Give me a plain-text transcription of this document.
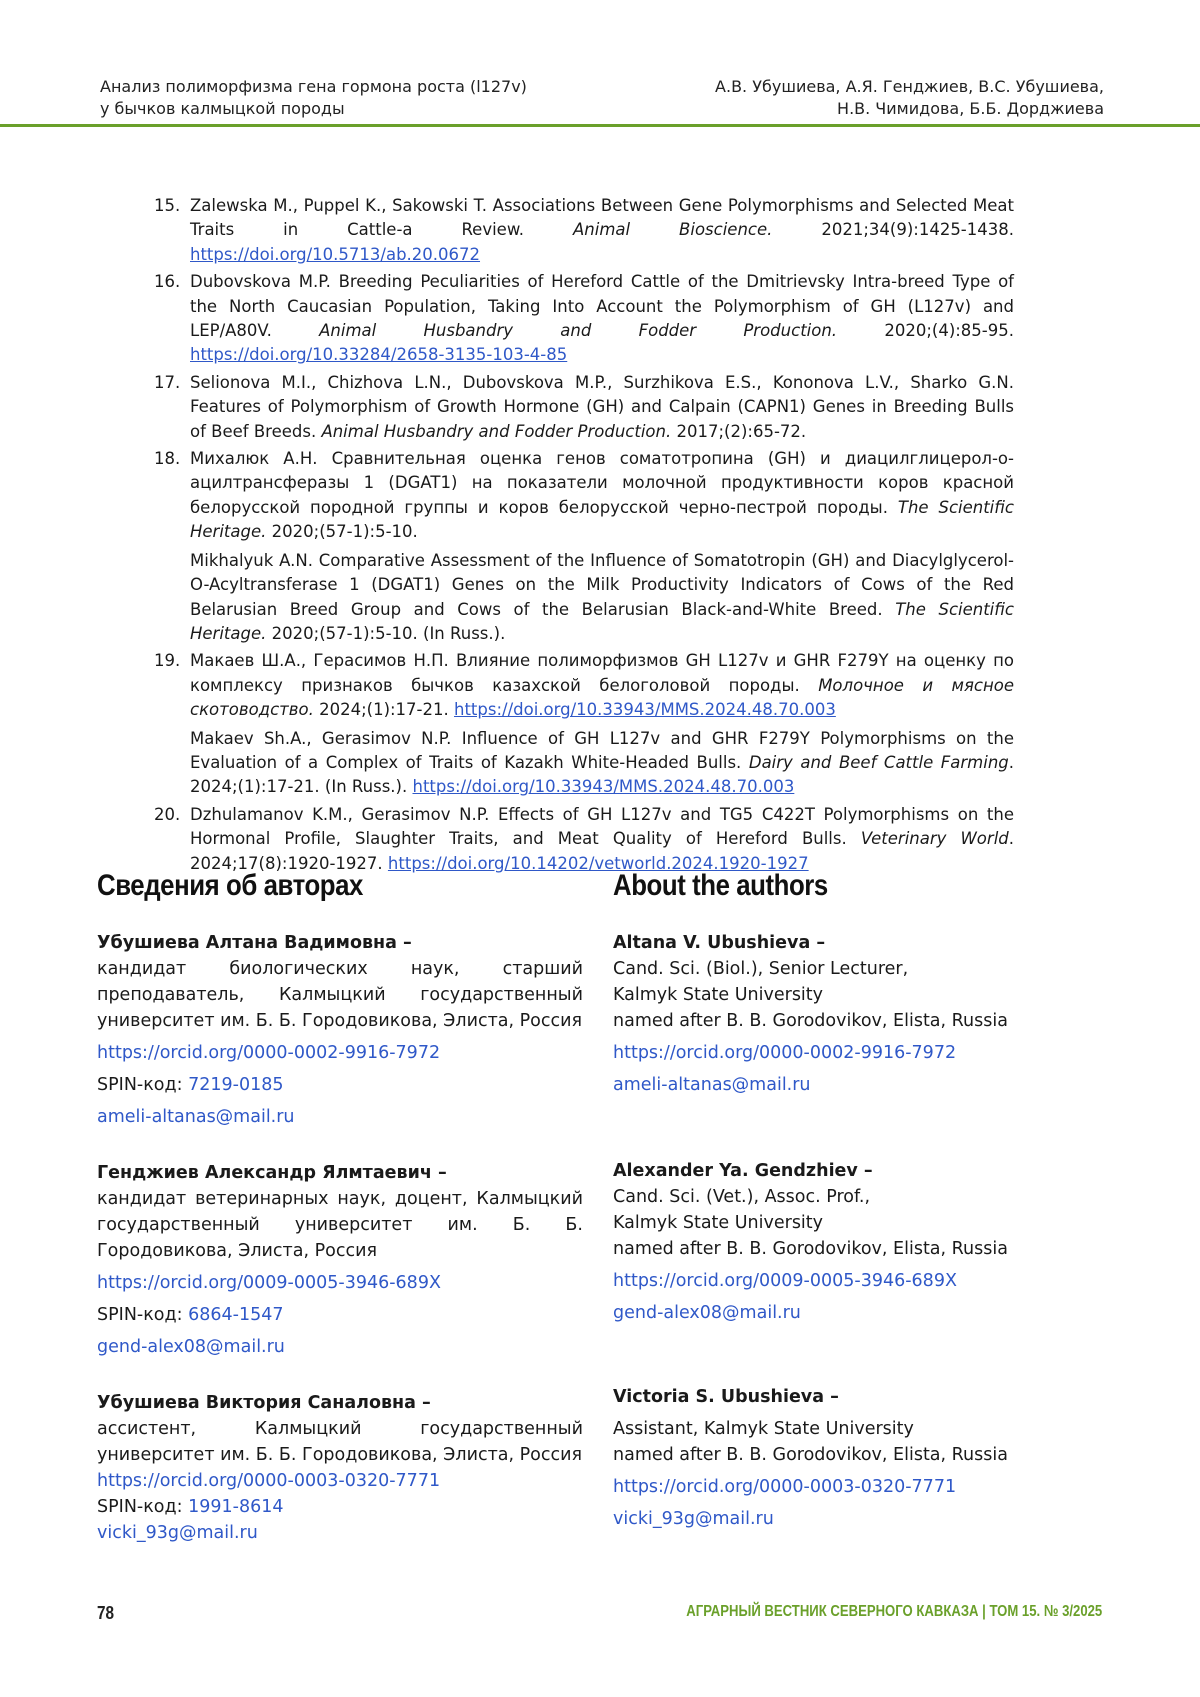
Анализ полиморфизма гена гормона роста (l127v)
у бычков калмыцкой породы
А.В. Убушиева, А.Я. Генджиев, В.С. Убушиева,
Н.В. Чимидова, Б.Б. Дорджиева
15. Zalewska M., Puppel K., Sakowski T. Associations Between Gene Polymorphisms and Selected Meat Traits in Cattle-a Review.	Animal Bioscience.	2021;34(9):1425-1438. https://doi.org/10.5713/ab.20.0672
16. Dubovskova M.P. Breeding Peculiarities of Hereford Cattle of the Dmitrievsky Intra-breed Type of the North Caucasian Population, Taking Into Account the Polymorphism of GH (L127v) and LEP/A80V.	Animal Husbandry and Fodder Production.	2020;(4):85-95. https://doi.org/10.33284/2658-3135-103-4-85
17. Selionova M.I., Chizhova L.N., Dubovskova M.P., Surzhikova E.S., Kononova L.V., Sharko G.N. Features of Polymorphism of Growth Hormone (GH) and Calpain (CAPN1) Genes in Breeding Bulls of Beef Breeds. Animal Husbandry and Fodder Production. 2017;(2):65-72.
18. Михалюк А.Н. Сравнительная оценка генов соматотропина (GH) и диацилглицерол-о-ацилтрансферазы 1 (DGAT1) на показатели молочной продуктивности коров красной белорусской породной группы и коров белорусской черно-пестрой породы. The Scientific Heritage. 2020;(57-1):5-10.
Mikhalyuk A.N. Comparative Assessment of the Influence of Somatotropin (GH) and Diacylglycerol-O-Acyltransferase 1 (DGAT1) Genes on the Milk Productivity Indicators of Cows of the Red Belarusian Breed Group and Cows of the Belarusian Black-and-White Breed. The Scientific Heritage. 2020;(57-1):5-10. (In Russ.).
19. Макаев Ш.А., Герасимов Н.П. Влияние полиморфизмов GH L127v и GHR F279Y на оценку по комплексу признаков бычков казахской белоголовой породы. Молочное и мясное скотоводство. 2024;(1):17-21. https://doi.org/10.33943/MMS.2024.48.70.003
Makaev Sh.A., Gerasimov N.P. Influence of GH L127v and GHR F279Y Polymorphisms on the Evaluation of a Complex of Traits of Kazakh White-Headed Bulls. Dairy and Beef Cattle Farming. 2024;(1):17-21. (In Russ.). https://doi.org/10.33943/MMS.2024.48.70.003
20. Dzhulamanov K.M., Gerasimov N.P. Effects of GH L127v and TG5 C422T Polymorphisms on the Hormonal Profile, Slaughter Traits, and Meat Quality of Hereford Bulls. Veterinary World. 2024;17(8):1920-1927. https://doi.org/10.14202/vetworld.2024.1920-1927
Сведения об авторах
Убушиева Алтана Вадимовна –
кандидат биологических наук, старший преподаватель, Калмыцкий государственный университет им. Б. Б. Городовикова, Элиста, Россия
https://orcid.org/0000-0002-9916-7972
SPIN-код: 7219-0185
ameli-altanas@mail.ru
Генджиев Александр Ялмтаевич –
кандидат ветеринарных наук, доцент, Калмыцкий государственный университет им. Б. Б. Городовикова, Элиста, Россия
https://orcid.org/0009-0005-3946-689X
SPIN-код: 6864-1547
gend-alex08@mail.ru
Убушиева Виктория Саналовна –
ассистент, Калмыцкий государственный университет им. Б. Б. Городовикова, Элиста, Россия
https://orcid.org/0000-0003-0320-7771
SPIN-код: 1991-8614
vicki_93g@mail.ru
About the authors
Altana V. Ubushieva –
Cand. Sci. (Biol.), Senior Lecturer,
Kalmyk State University
named after B. B. Gorodovikov, Elista, Russia
https://orcid.org/0000-0002-9916-7972
ameli-altanas@mail.ru
Alexander Ya. Gendzhiev –
Cand. Sci. (Vet.), Assoc. Prof.,
Kalmyk State University
named after B. B. Gorodovikov, Elista, Russia
https://orcid.org/0009-0005-3946-689X
gend-alex08@mail.ru
Victoria S. Ubushieva –
Assistant, Kalmyk State University
named after B. B. Gorodovikov, Elista, Russia
https://orcid.org/0000-0003-0320-7771
vicki_93g@mail.ru
78	АГРАРНЫЙ ВЕСТНИК СЕВЕРНОГО КАВКАЗА | ТОМ 15. № 3/2025
